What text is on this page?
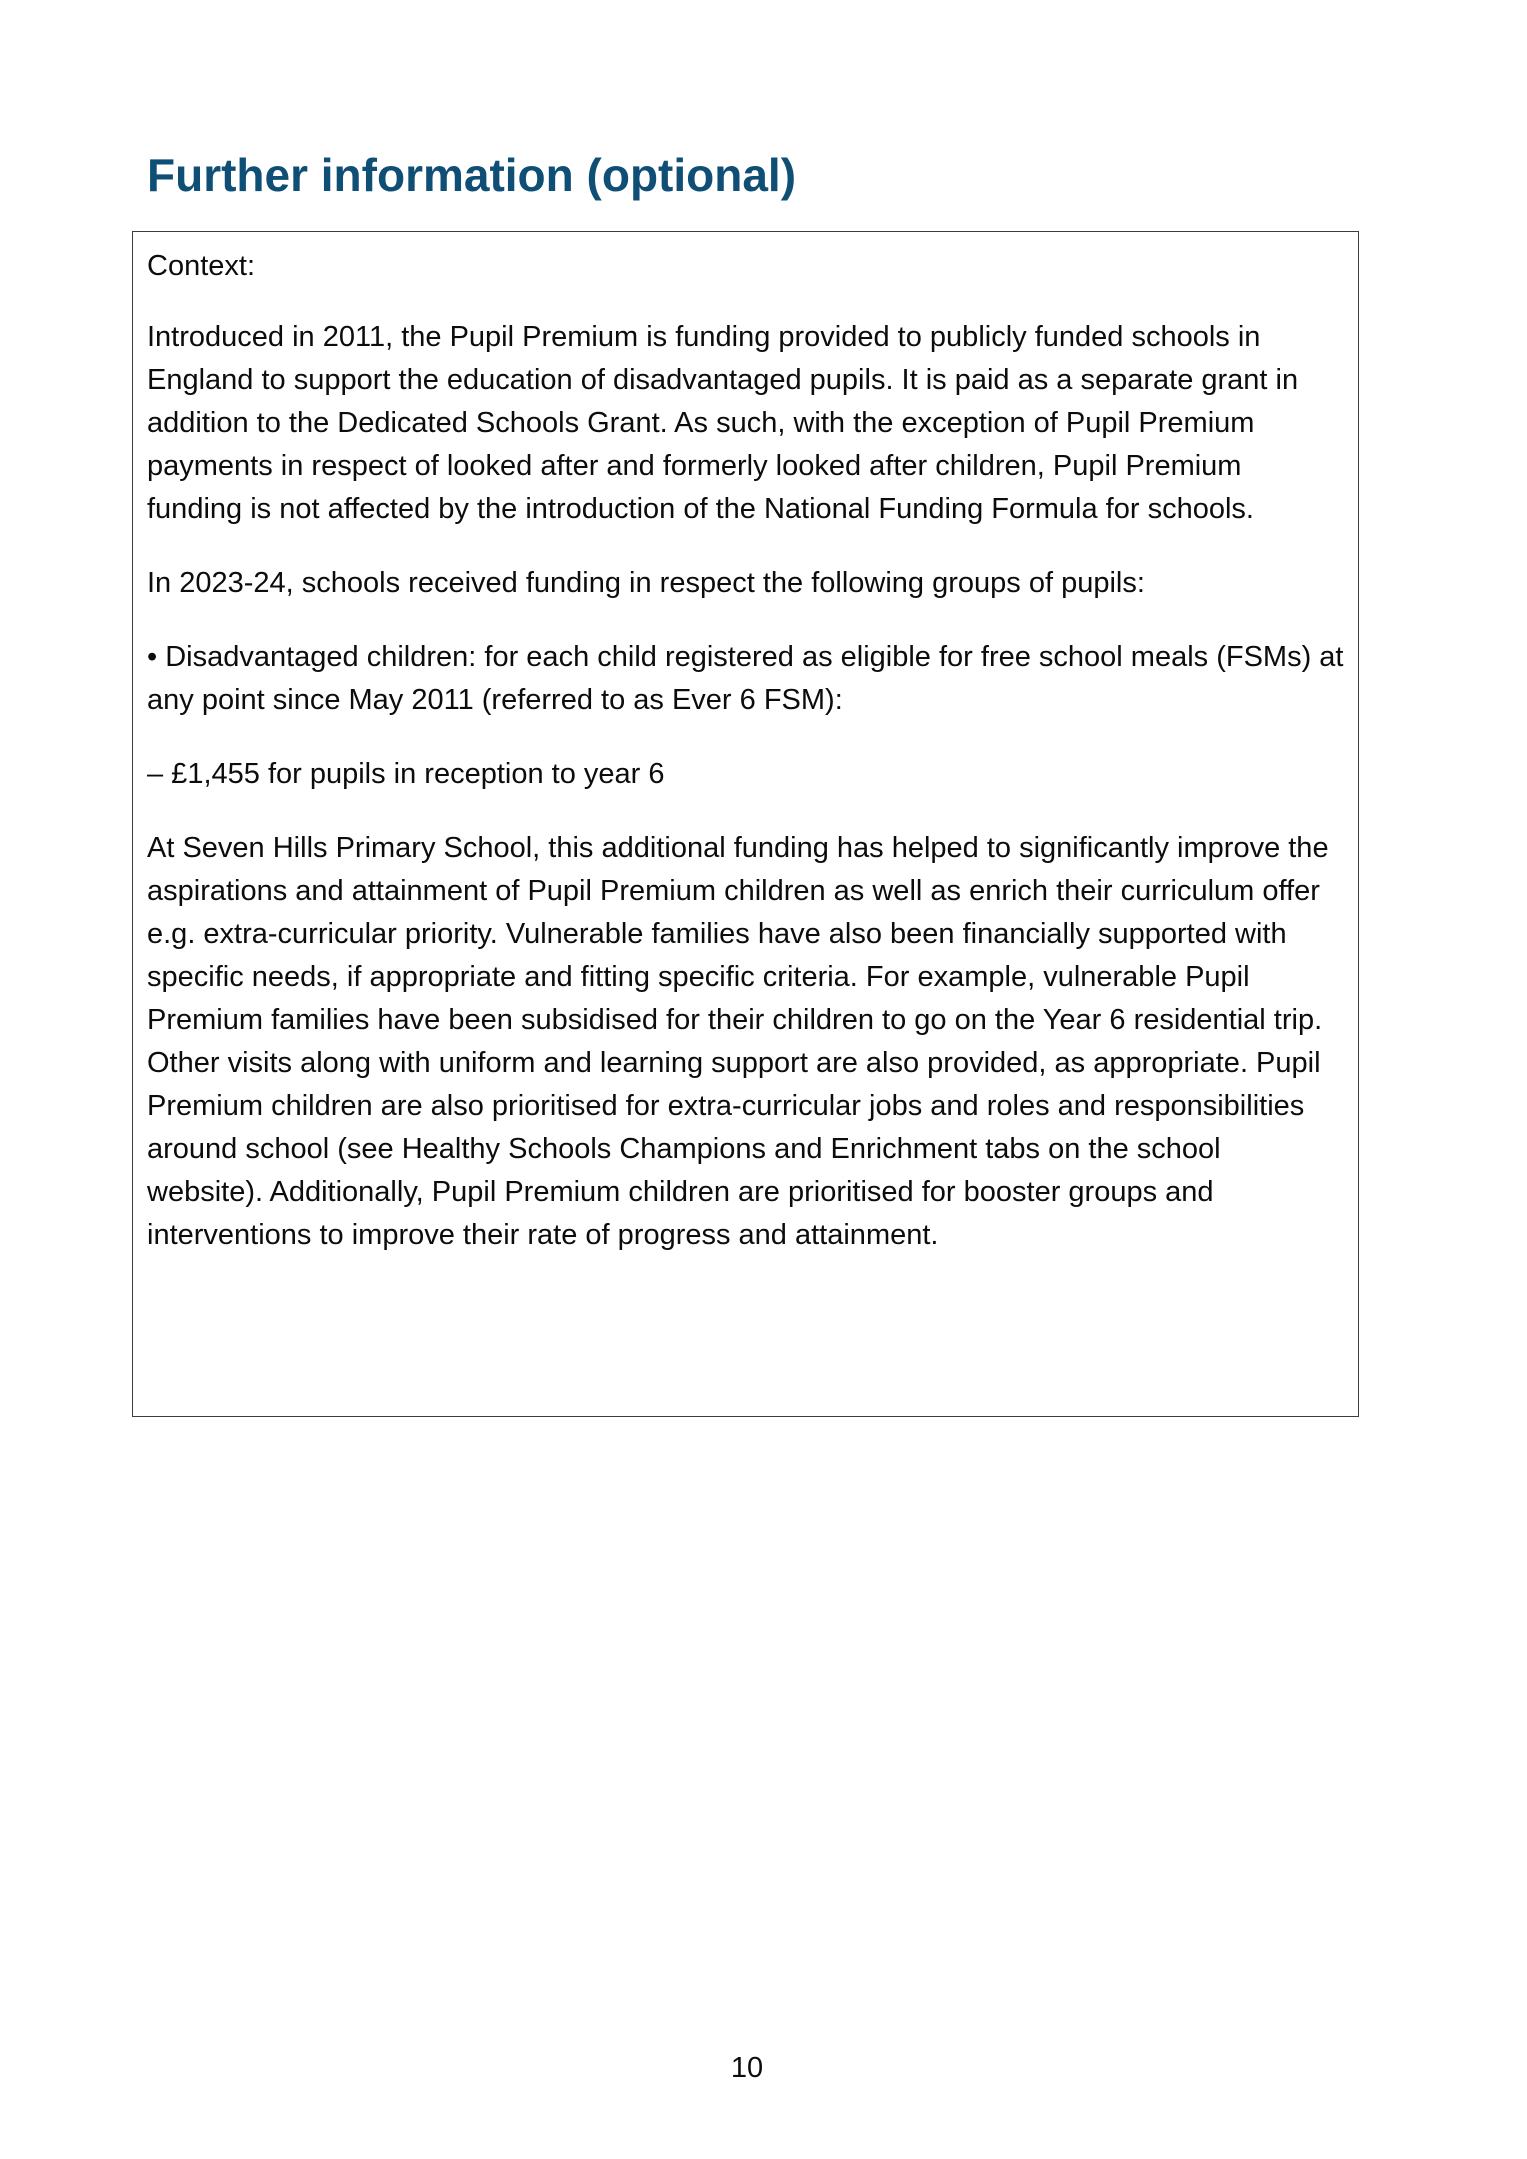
Further information (optional)

Context:

Introduced in 2011, the Pupil Premium is funding provided to publicly funded schools in England to support the education of disadvantaged pupils. It is paid as a separate grant in addition to the Dedicated Schools Grant. As such, with the exception of Pupil Premium payments in respect of looked after and formerly looked after children, Pupil Premium funding is not affected by the introduction of the National Funding Formula for schools.

In 2023-24, schools received funding in respect the following groups of pupils:

• Disadvantaged children: for each child registered as eligible for free school meals (FSMs) at any point since May 2011 (referred to as Ever 6 FSM):

– £1,455 for pupils in reception to year 6

At Seven Hills Primary School, this additional funding has helped to significantly improve the aspirations and attainment of Pupil Premium children as well as enrich their curriculum offer e.g. extra-curricular priority. Vulnerable families have also been financially supported with specific needs, if appropriate and fitting specific criteria. For example, vulnerable Pupil Premium families have been subsidised for their children to go on the Year 6 residential trip. Other visits along with uniform and learning support are also provided, as appropriate. Pupil Premium children are also prioritised for extra-curricular jobs and roles and responsibilities around school (see Healthy Schools Champions and Enrichment tabs on the school website). Additionally, Pupil Premium children are prioritised for booster groups and interventions to improve their rate of progress and attainment.

10
